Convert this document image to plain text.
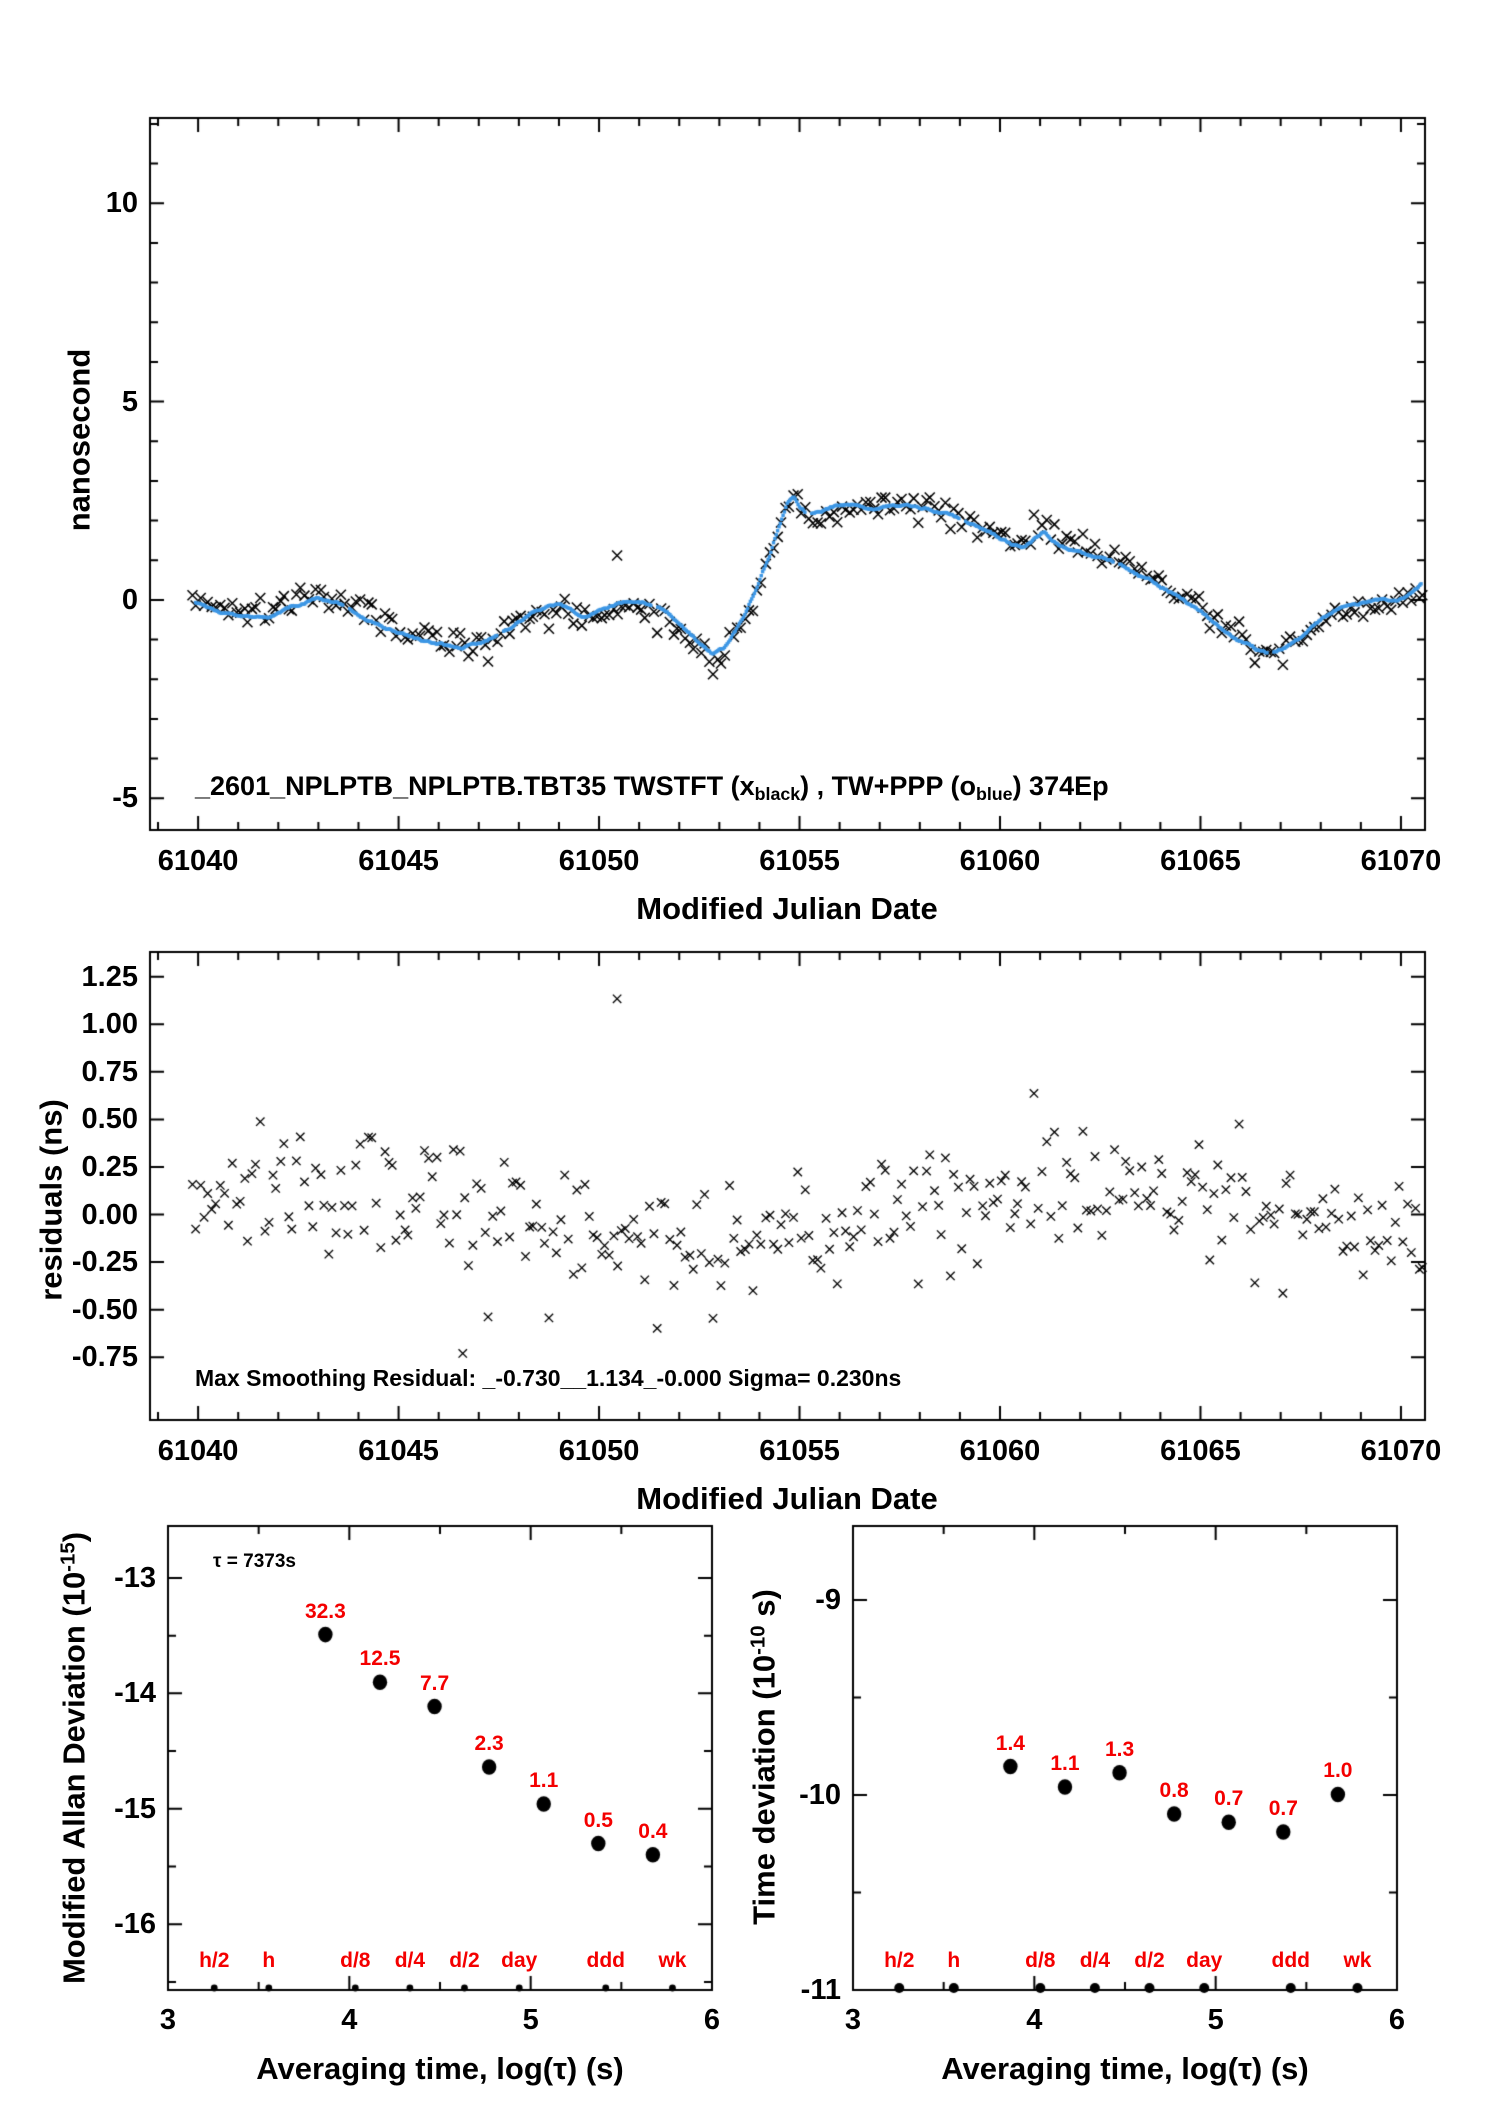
nanosecond
Modified Julian Date
_2601_NPLPTB_NPLPTB.TBT35 TWSTFT (xblack) , TW+PPP (oblue) 374Ep
residuals (ns)
Modified Julian Date
Max Smoothing Residual: _-0.730__1.134_-0.000 Sigma= 0.230ns
Modified Allan Deviation $(10^{-15})$
Averaging time, log(τ) (s)
τ = 7373s
Time deviation ($10^{-10}$ s)
Averaging time, log(τ) (s)
61040	61045	61050	61055	61060	61065	61070
-5
0
5
10
61040	61045	61050	61055	61060	61065	61070
1.25
1.00
0.75
0.50
0.25
0.00
-0.25
-0.50
-0.75
3	4	5	6
-13
-14
-15
-16
3	4	5	6
-9
-10
-11
32.3
12.5
7.7
2.3
1.1
0.5 0.4
h/2 h	d/8 d/4 d/2 day ddd wk
1.4
1.1
1.3
0.8 0.7 0.7
1.0
h/2 h	d/8 d/4 d/2 day ddd wk
